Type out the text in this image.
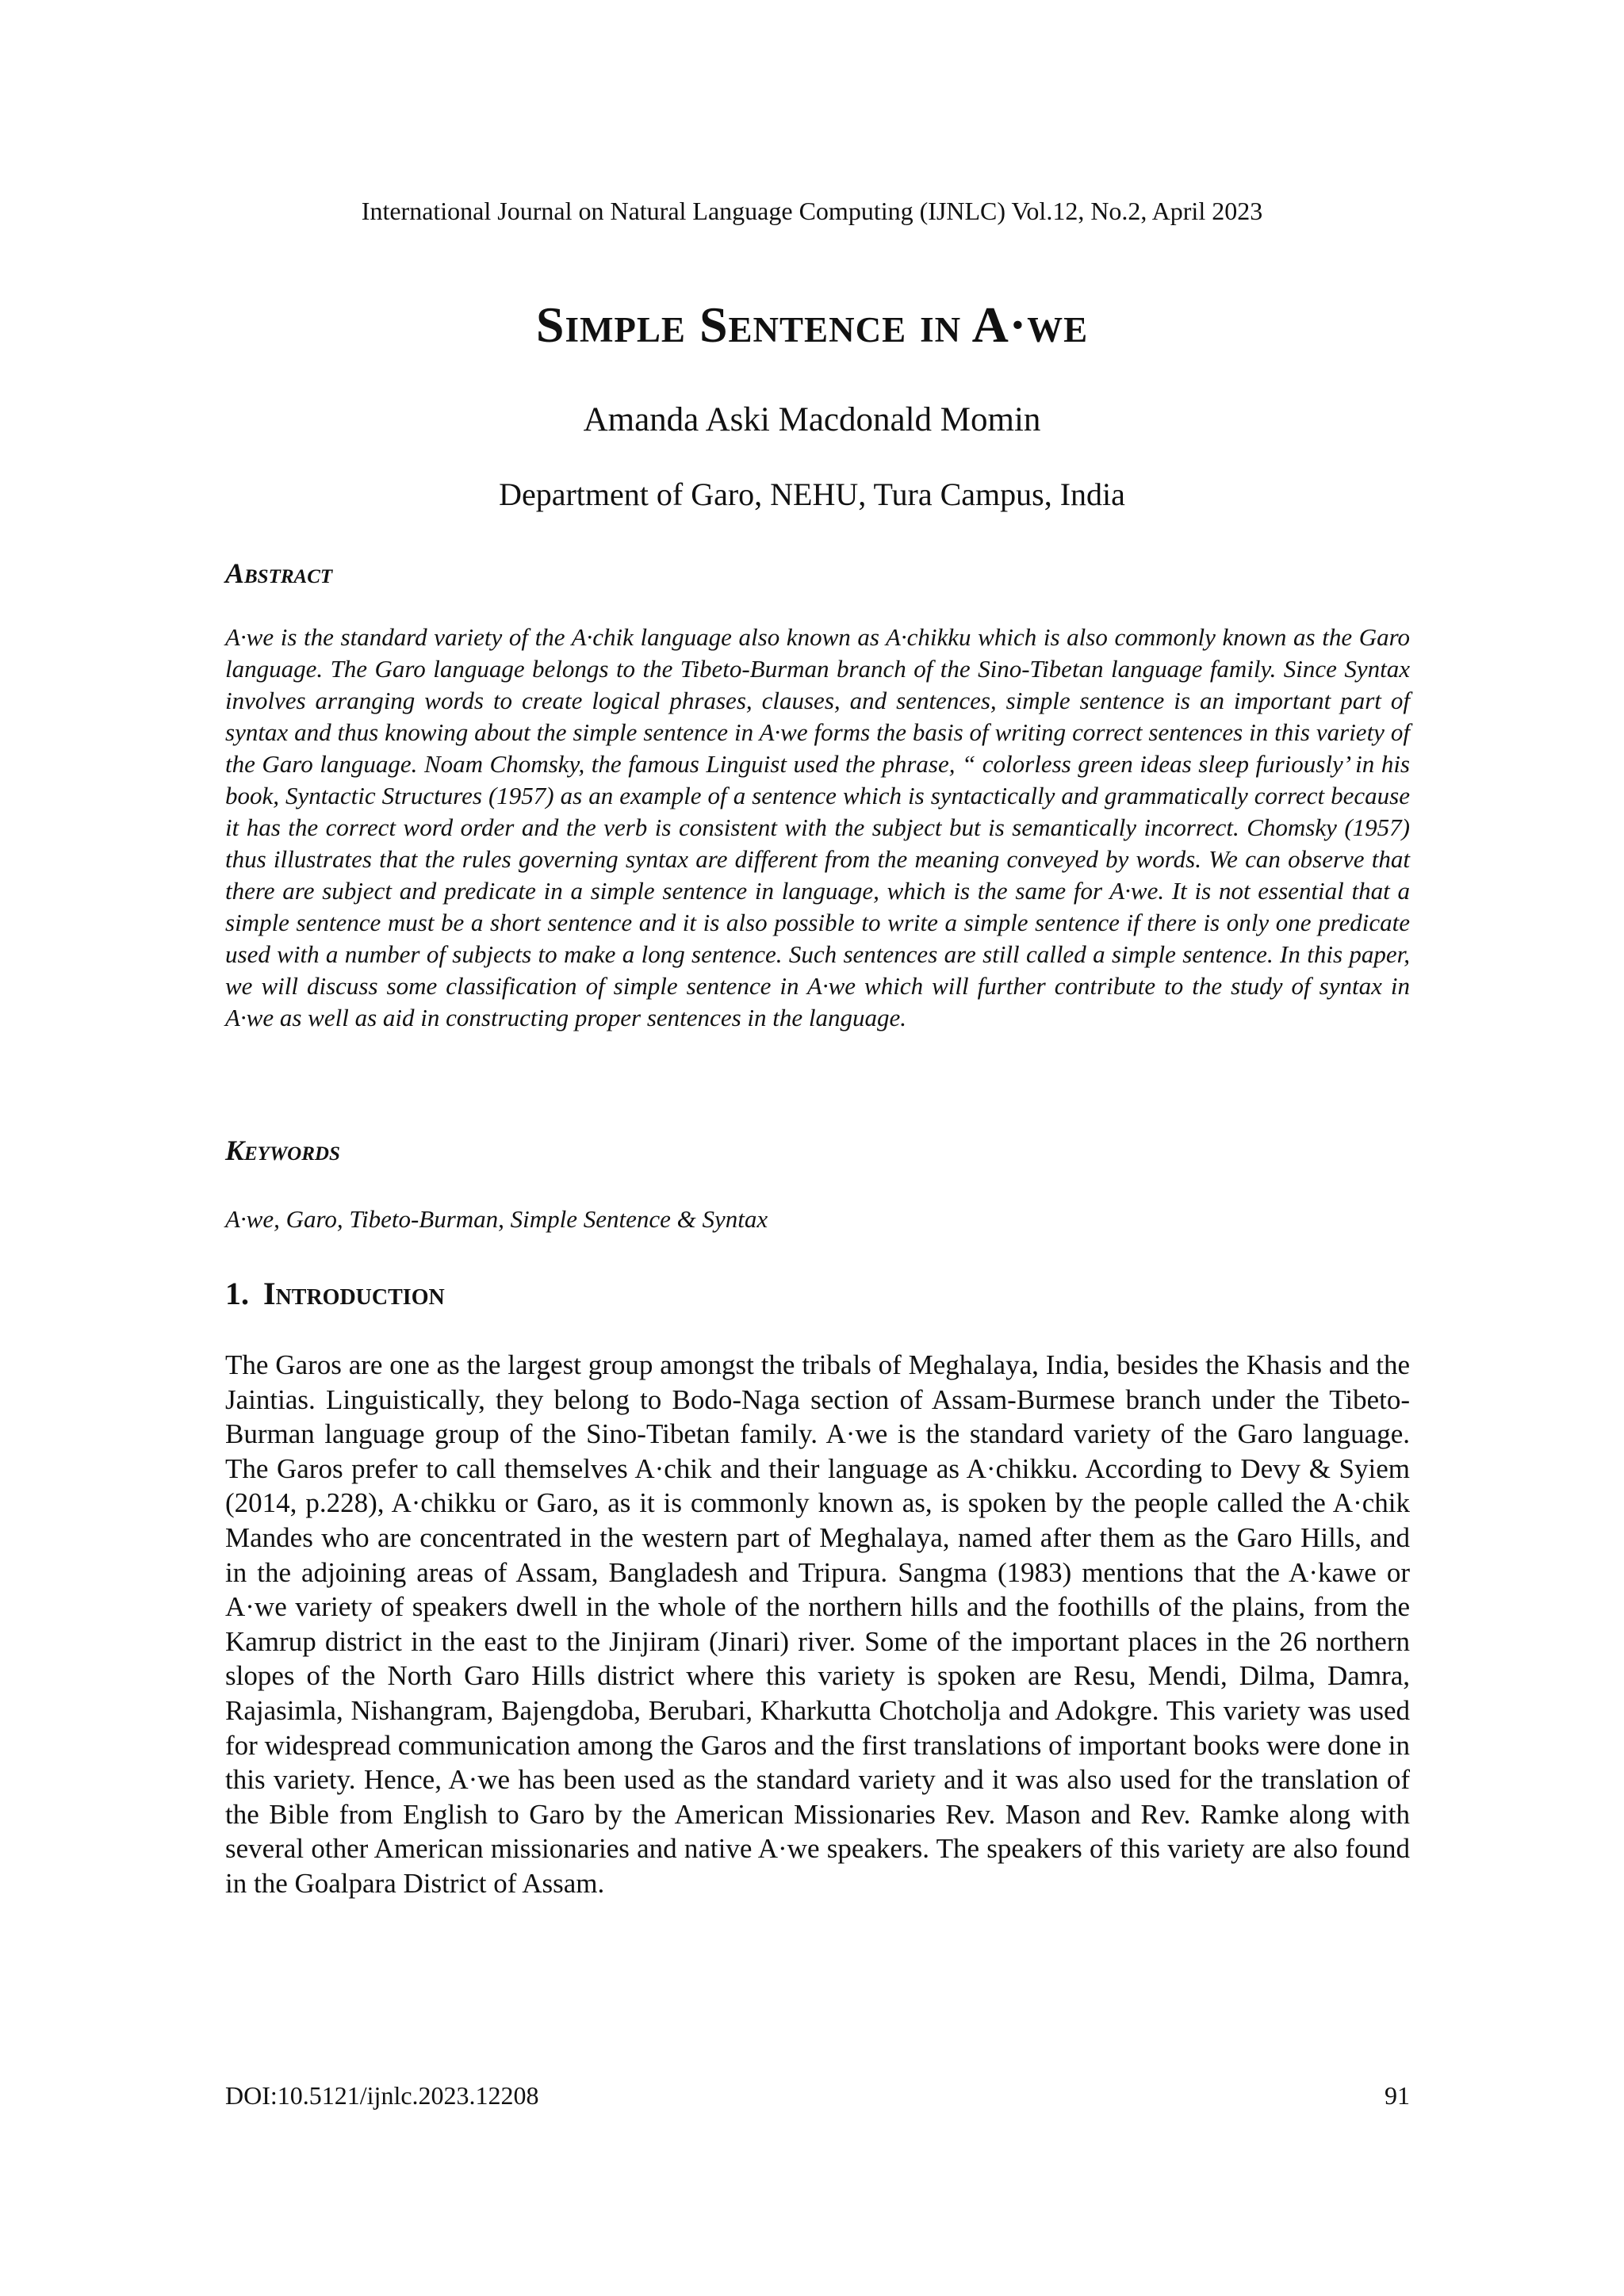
International Journal on Natural Language Computing (IJNLC) Vol.12, No.2, April 2023
Simple Sentence in A·we
Amanda Aski Macdonald Momin
Department of Garo, NEHU, Tura Campus, India
Abstract
A·we is the standard variety of the A·chik language also known as A·chikku which is also commonly known as the Garo language. The Garo language belongs to the Tibeto-Burman branch of the Sino-Tibetan language family. Since Syntax involves arranging words to create logical phrases, clauses, and sentences, simple sentence is an important part of syntax and thus knowing about the simple sentence in A·we forms the basis of writing correct sentences in this variety of the Garo language. Noam Chomsky, the famous Linguist used the phrase, “ colorless green ideas sleep furiously’ in his book, Syntactic Structures (1957) as an example of a sentence which is syntactically and grammatically correct because it has the correct word order and the verb is consistent with the subject but is semantically incorrect. Chomsky (1957) thus illustrates that the rules governing syntax are different from the meaning conveyed by words. We can observe that there are subject and predicate in a simple sentence in language, which is the same for A·we. It is not essential that a simple sentence must be a short sentence and it is also possible to write a simple sentence if there is only one predicate used with a number of subjects to make a long sentence. Such sentences are still called a simple sentence. In this paper, we will discuss some classification of simple sentence in A·we which will further contribute to the study of syntax in A·we as well as aid in constructing proper sentences in the language.
Keywords
A·we, Garo, Tibeto-Burman, Simple Sentence & Syntax
1. Introduction
The Garos are one as the largest group amongst the tribals of Meghalaya, India, besides the Khasis and the Jaintias. Linguistically, they belong to Bodo-Naga section of Assam-Burmese branch under the Tibeto-Burman language group of the Sino-Tibetan family. A·we is the standard variety of the Garo language. The Garos prefer to call themselves A·chik and their language as A·chikku. According to Devy & Syiem (2014, p.228), A·chikku or Garo, as it is commonly known as, is spoken by the people called the A·chik Mandes who are concentrated in the western part of Meghalaya, named after them as the Garo Hills, and in the adjoining areas of Assam, Bangladesh and Tripura. Sangma (1983) mentions that the A·kawe or A·we variety of speakers dwell in the whole of the northern hills and the foothills of the plains, from the Kamrup district in the east to the Jinjiram (Jinari) river. Some of the important places in the 26 northern slopes of the North Garo Hills district where this variety is spoken are Resu, Mendi, Dilma, Damra, Rajasimla, Nishangram, Bajengdoba, Berubari, Kharkutta Chotcholja and Adokgre. This variety was used for widespread communication among the Garos and the first translations of important books were done in this variety. Hence, A·we has been used as the standard variety and it was also used for the translation of the Bible from English to Garo by the American Missionaries Rev. Mason and Rev. Ramke along with several other American missionaries and native A·we speakers. The speakers of this variety are also found in the Goalpara District of Assam.
DOI:10.5121/ijnlc.2023.12208	91
